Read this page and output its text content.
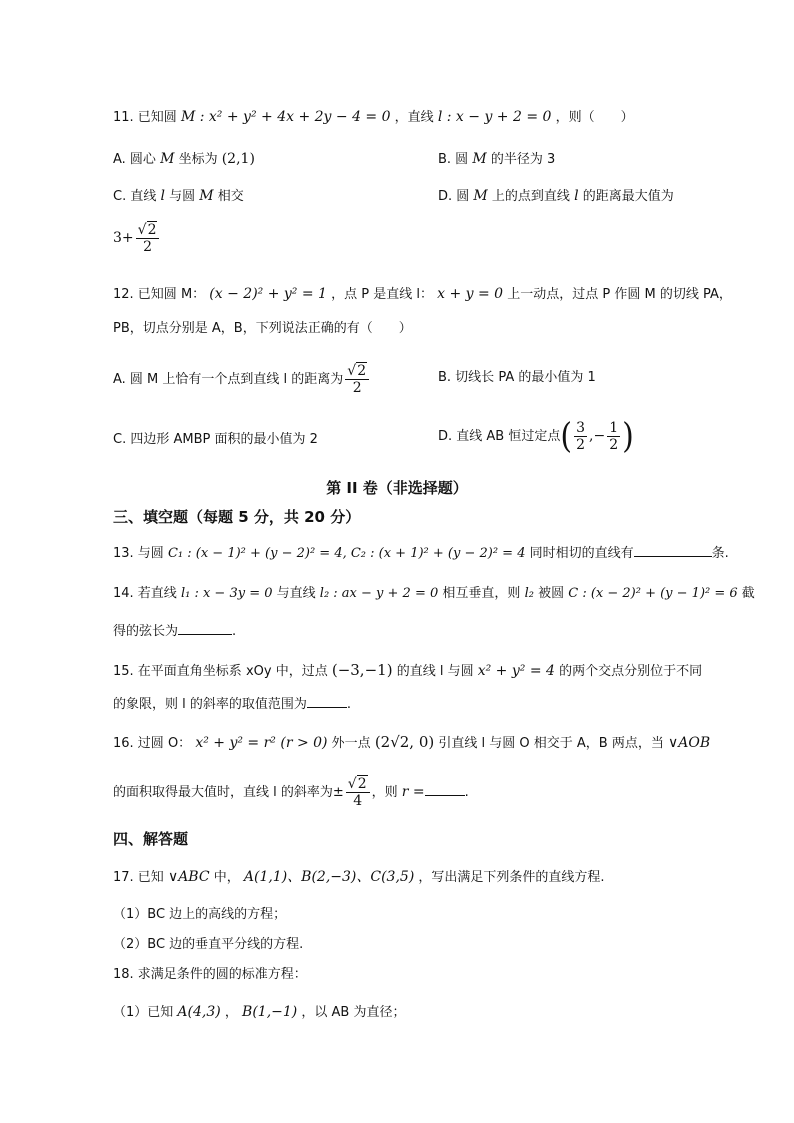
11. 已知圆 M : x² + y² + 4x + 2y − 4 = 0 ，直线 l : x − y + 2 = 0 ，则（　　）
A. 圆心 M 坐标为 (2,1)	B. 圆 M 的半径为 3
C. 直线 l 与圆 M 相交	D. 圆 M 上的点到直线 l 的距离最大值为
$3+ \frac{√2}{2}$
12. 已知圆 M： (x − 2)² + y² = 1 ，点 P 是直线 l： x + y = 0 上一动点，过点 P 作圆 M 的切线 PA，
PB，切点分别是 A，B，下列说法正确的有（　　）
A. 圆 M 上恰有一个点到直线 l 的距离为 $\frac{√2}{2}$	B. 切线长 PA 的最小值为 1
C. 四边形 AMBP 面积的最小值为 2	D. 直线 AB 恒过定点( $\frac{3}{2}$ ,− $\frac{1}{2}$ )
第 II 卷（非选择题）
三、填空题（每题 5 分，共 20 分）
13. 与圆 C₁ : (x − 1)² + (y − 2)² = 4, C₂ : (x + 1)² + (y − 2)² = 4 同时相切的直线有	条.
14. 若直线 l₁ : x − 3y = 0 与直线 l₂ : ax − y + 2 = 0 相互垂直，则 l₂ 被圆 C : (x − 2)² + (y − 1)² = 6 截
得的弦长为	.
15. 在平面直角坐标系 xOy 中，过点 (−3,−1) 的直线 l 与圆 x² + y² = 4 的两个交点分别位于不同
的象限，则 l 的斜率的取值范围为	.
16. 过圆 O： x² + y² = r² (r > 0) 外一点 (2√2, 0) 引直线 l 与圆 O 相交于 A，B 两点，当 ∨AOB
的面积取得最大值时，直线 l 的斜率为± $\frac{√2}{4}$ ，则 r =	.
四、解答题
17. 已知 ∨ABC 中， A(1,1)、B(2,−3)、C(3,5) ，写出满足下列条件的直线方程.
（1）BC 边上的高线的方程；
（2）BC 边的垂直平分线的方程.
18. 求满足条件的圆的标准方程：
（1）已知 A(4,3) ， B(1,−1) ，以 AB 为直径；
